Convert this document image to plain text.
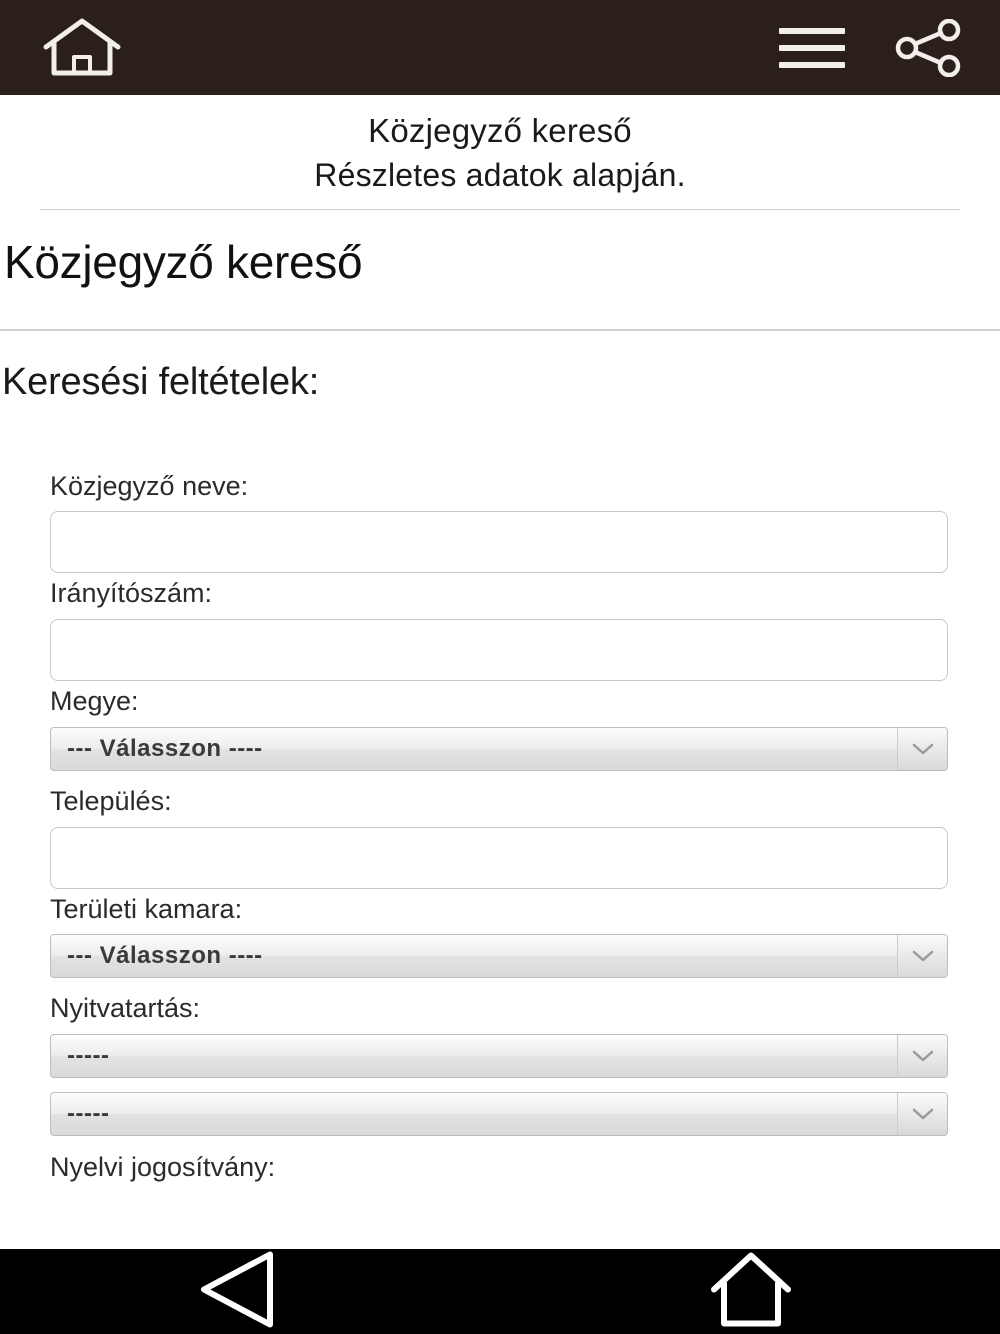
Közjegyző kereső
Részletes adatok alapján.
Közjegyző kereső
Keresési feltételek:
Közjegyző neve:
Irányítószám:
Megye:
--- Válasszon ----
Település:
Területi kamara:
--- Válasszon ----
Nyitvatartás:
-----
-----
Nyelvi jogosítvány:
